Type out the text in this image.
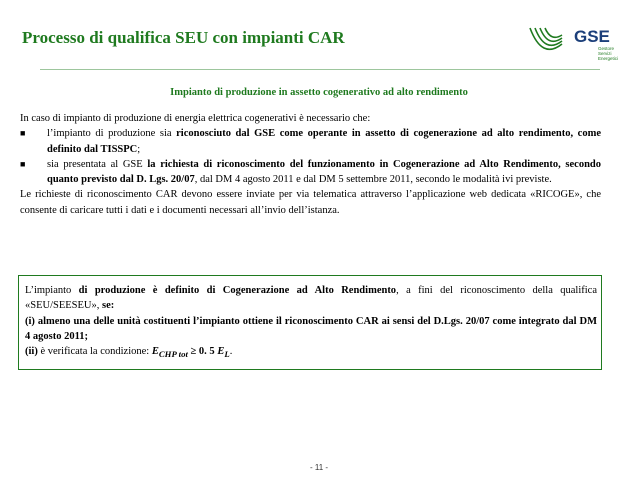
Processo di qualifica SEU con impianti CAR	GSE
Gestore
Servizi
Energetici
Impianto di produzione in assetto cogenerativo ad alto rendimento

In caso di impianto di produzione di energia elettrica cogenerativi è necessario che:

■ l’impianto di produzione sia riconosciuto dal GSE come operante in assetto di cogenerazione ad alto rendimento, come definito dal TISSPC;

■ sia presentata al GSE la richiesta di riconoscimento del funzionamento in Cogenerazione ad Alto Rendimento, secondo quanto previsto dal D. Lgs. 20/07, dal DM 4 agosto 2011 e dal DM 5 settembre 2011, secondo le modalità ivi previste.

Le richieste di riconoscimento CAR devono essere inviate per via telematica attraverso l’applicazione web dedicata «RICOGE», che consente di caricare tutti i dati e i documenti necessari all’invio dell’istanza.

L’impianto di produzione è definito di Cogenerazione ad Alto Rendimento, a fini del riconoscimento della qualifica «SEU/SEESEU», se:

(i) almeno una delle unità costituenti l’impianto ottiene il riconoscimento CAR ai sensi del D.Lgs. 20/07 come integrato dal DM 4 agosto 2011;

(ii) è verificata la condizione: $E_{CHP tot} \ge 0$. 5 $E_L$.

- 11 -
